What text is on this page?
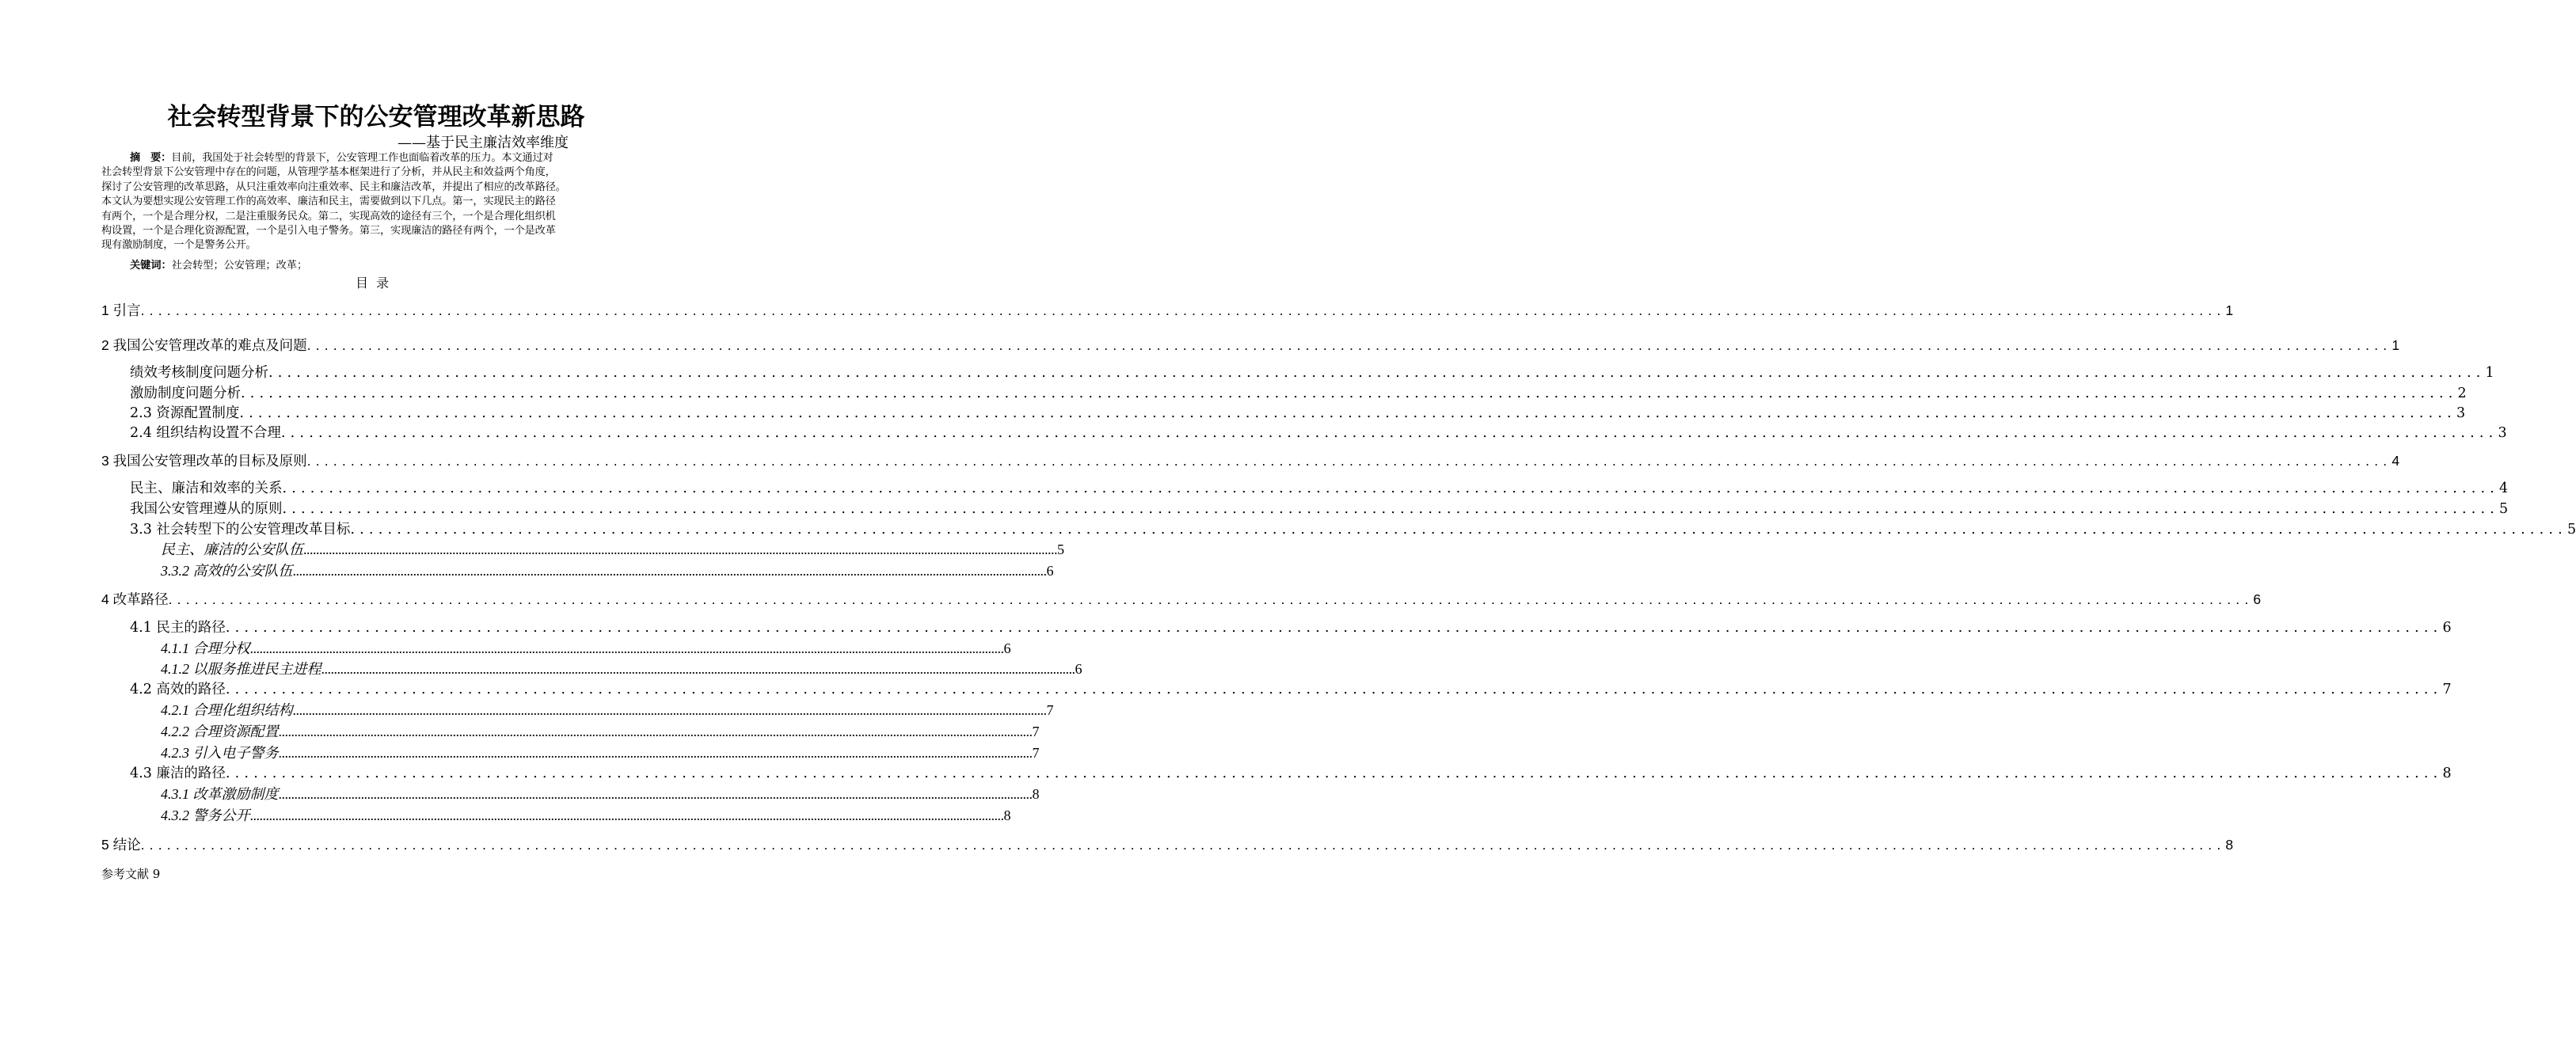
社会转型背景下的公安管理改革新思路
——基于民主廉洁效率维度
摘　要：目前，我国处于社会转型的背景下，公安管理工作也面临着改革的压力。本文通过对
社会转型背景下公安管理中存在的问题，从管理学基本框架进行了分析，并从民主和效益两个角度，
探讨了公安管理的改革思路，从只注重效率向注重效率、民主和廉洁改革，并提出了相应的改革路径。
本文认为要想实现公安管理工作的高效率、廉洁和民主，需要做到以下几点。第一，实现民主的路径
有两个，一个是合理分权，二是注重服务民众。第二，实现高效的途径有三个，一个是合理化组织机
构设置，一个是合理化资源配置，一个是引入电子警务。第三，实现廉洁的路径有两个，一个是改革
现有激励制度，一个是警务公开。
关键词：社会转型；公安管理；改革；
目录
1 引言 .............................................................................................................................................................................................................................................. 1
2 我国公安管理改革的难点及问题 .............................................................................................................................................................................................................................................. 1
绩效考核制度问题分析 .............................................................................................................................................................................................................................................. 1
激励制度问题分析 .............................................................................................................................................................................................................................................. 2
2.3 资源配置制度 .............................................................................................................................................................................................................................................. 3
2.4 组织结构设置不合理 .............................................................................................................................................................................................................................................. 3
3 我国公安管理改革的目标及原则 .............................................................................................................................................................................................................................................. 4
民主、廉洁和效率的关系 .............................................................................................................................................................................................................................................. 4
我国公安管理遵从的原则 .............................................................................................................................................................................................................................................. 5
3.3 社会转型下的公安管理改革目标 .............................................................................................................................................................................................................................................. 5
民主、廉洁的公安队伍 .............................................................................................................................................................................................................................................. 5
3.3.2 高效的公安队伍 .............................................................................................................................................................................................................................................. 6
4 改革路径 .............................................................................................................................................................................................................................................. 6
4.1 民主的路径 .............................................................................................................................................................................................................................................. 6
4.1.1 合理分权 .............................................................................................................................................................................................................................................. 6
4.1.2 以服务推进民主进程 .............................................................................................................................................................................................................................................. 6
4.2 高效的路径 .............................................................................................................................................................................................................................................. 7
4.2.1 合理化组织结构 .............................................................................................................................................................................................................................................. 7
4.2.2 合理资源配置 .............................................................................................................................................................................................................................................. 7
4.2.3 引入电子警务 .............................................................................................................................................................................................................................................. 7
4.3 廉洁的路径 .............................................................................................................................................................................................................................................. 8
4.3.1 改革激励制度 .............................................................................................................................................................................................................................................. 8
4.3.2 警务公开 .............................................................................................................................................................................................................................................. 8
5 结论 .............................................................................................................................................................................................................................................. 8
参考文献 9
